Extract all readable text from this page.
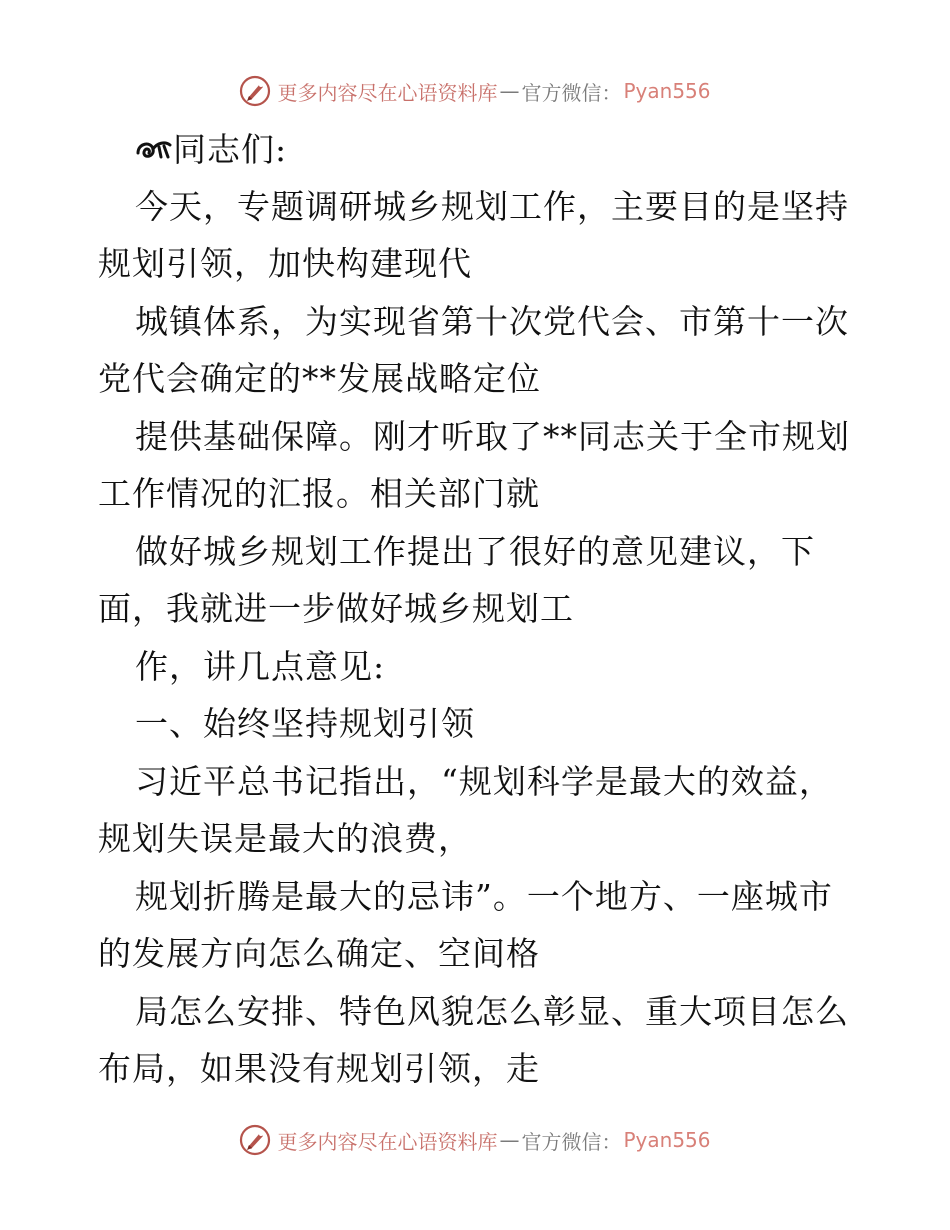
更多内容尽在心语资料库 — 官方微信： Pyan556
同志们:
今天，专题调研城乡规划工作，主要目的是坚持
规划引领，加快构建现代
城镇体系，为实现省第十次党代会、市第十一次
党代会确定的**发展战略定位
提供基础保障。刚才听取了**同志关于全市规划
工作情况的汇报。相关部门就
做好城乡规划工作提出了很好的意见建议，下
面，我就进一步做好城乡规划工
作，讲几点意见:
一、始终坚持规划引领
习近平总书记指出，“规划科学是最大的效益，
规划失误是最大的浪费，
规划折腾是最大的忌讳”。一个地方、一座城市
的发展方向怎么确定、空间格
局怎么安排、特色风貌怎么彰显、重大项目怎么
布局，如果没有规划引领，走
更多内容尽在心语资料库 — 官方微信： Pyan556
